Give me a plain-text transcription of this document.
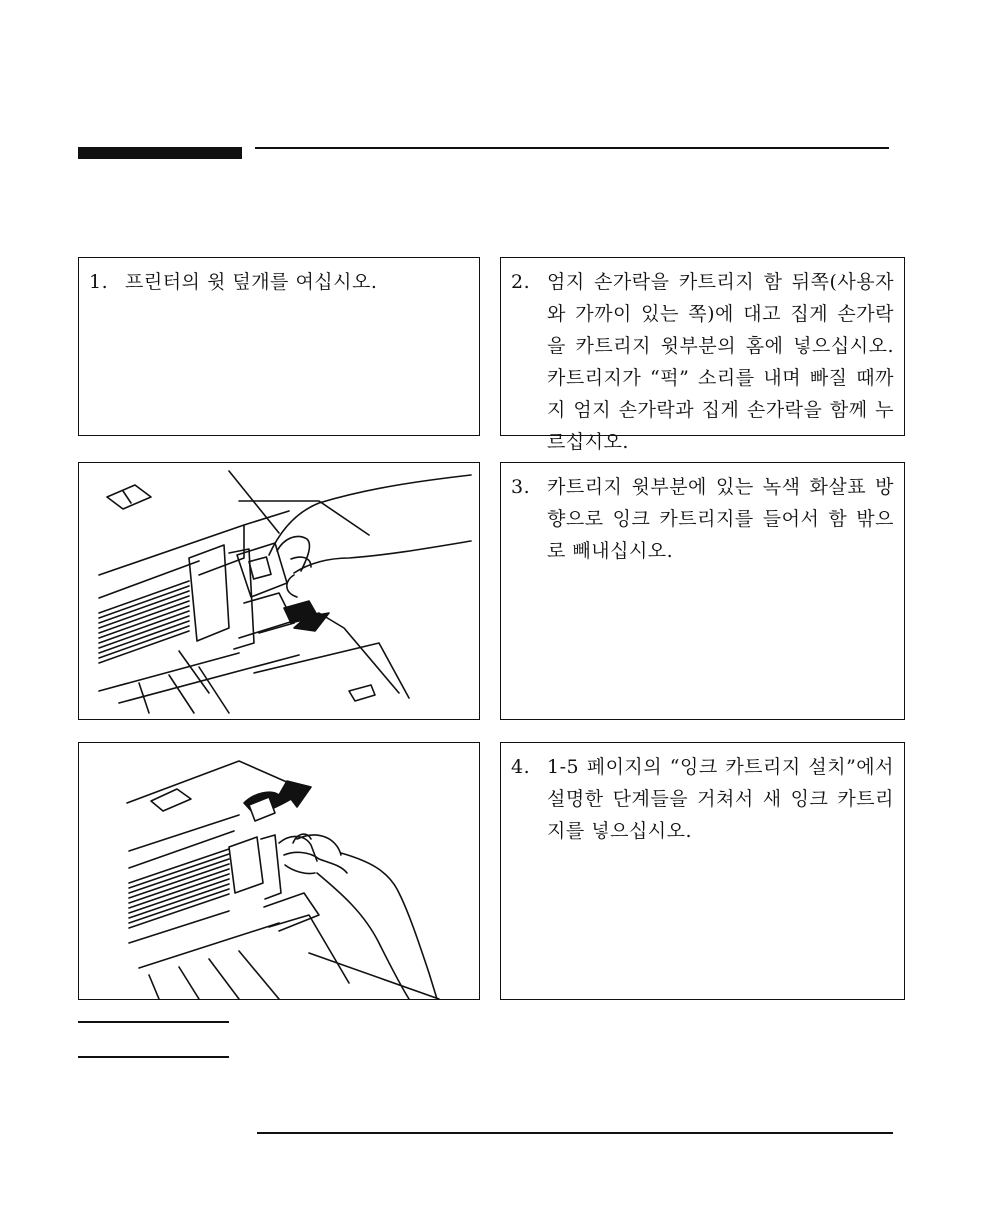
1. 프린터의 윗 덮개를 여십시오.	2. 엄지 손가락을 카트리지 함 뒤쪽(사용자와 가까이 있는 쪽)에 대고 집게 손가락을 카트리지 윗부분의 홈에 넣으십시오. 카트리지가 “퍽” 소리를 내며 빠질 때까지 엄지 손가락과 집게 손가락을 함께 누르십시오.
3. 카트리지 윗부분에 있는 녹색 화살표 방향으로 잉크 카트리지를 들어서 함 밖으로 빼내십시오.
4. 1-5 페이지의 “잉크 카트리지 설치”에서 설명한 단계들을 거쳐서 새 잉크 카트리지를 넣으십시오.
